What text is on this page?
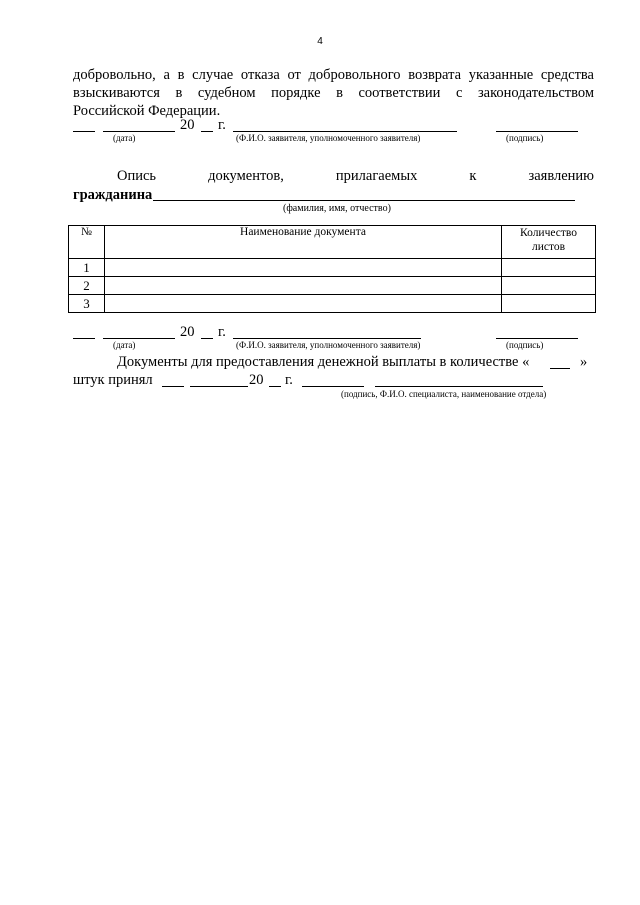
4
добровольно, а в случае отказа от добровольного возврата указанные средства
взыскиваются в судебном порядке в соответствии с законодательством
Российской Федерации.
20 г.
(дата)	(Ф.И.О. заявителя, уполномоченного заявителя)	(подпись)
Опись	документов,	прилагаемых	к	заявлению
гражданина
(фамилия, имя, отчество)
№	Наименование документа	Количество
листов
1		
2		
3		
20 г.
(дата)	(Ф.И.О. заявителя, уполномоченного заявителя)	(подпись)
Документы для предоставления денежной выплаты в количестве «	»
штук принял	20 г.
(подпись, Ф.И.О. специалиста, наименование отдела)
